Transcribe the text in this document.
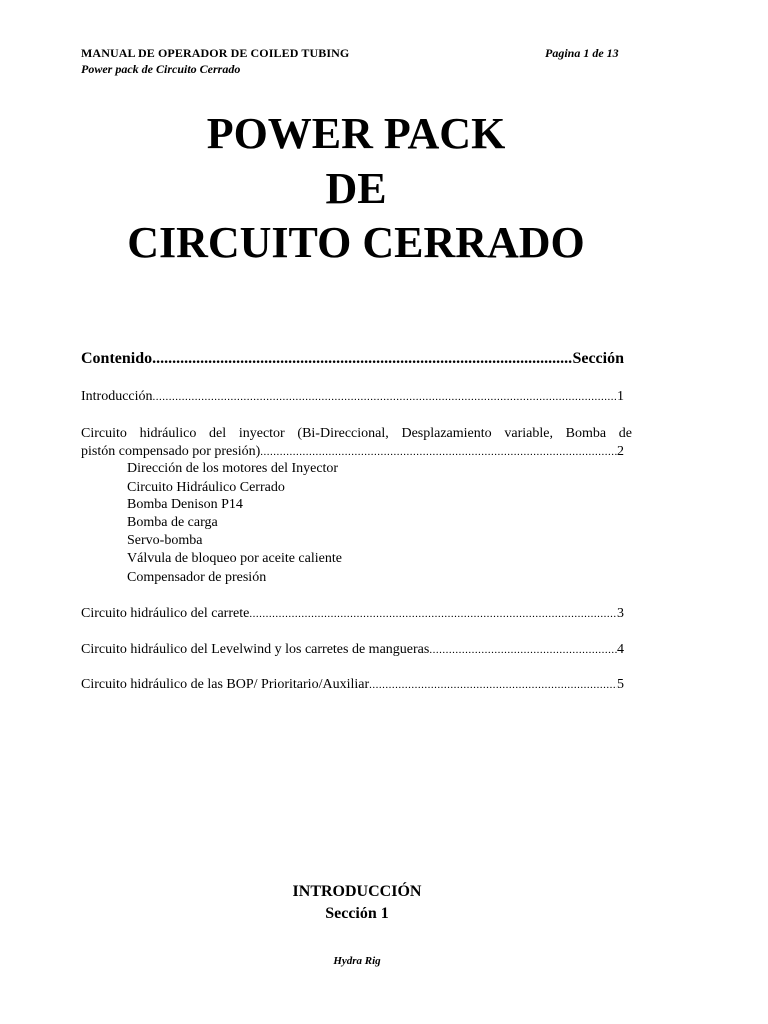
MANUAL DE OPERADOR DE COILED TUBING
Power pack de Circuito Cerrado
Pagina 1 de 13
POWER PACK
DE
CIRCUITO CERRADO
Contenido. .....	Sección
Introducción .....	1
Circuito hidráulico del inyector (Bi-Direccional, Desplazamiento variable, Bomba de
pistón compensado por presión) .....	2
Dirección de los motores del Inyector
Circuito Hidráulico Cerrado
Bomba Denison P14
Bomba de carga
Servo-bomba
Válvula de bloqueo por aceite caliente
Compensador de presión
Circuito hidráulico del carrete .....	3
Circuito hidráulico del Levelwind y los carretes de mangueras .....	4
Circuito hidráulico de las BOP/ Prioritario/Auxiliar .....	5
INTRODUCCIÓN
Sección 1
Hydra Rig
